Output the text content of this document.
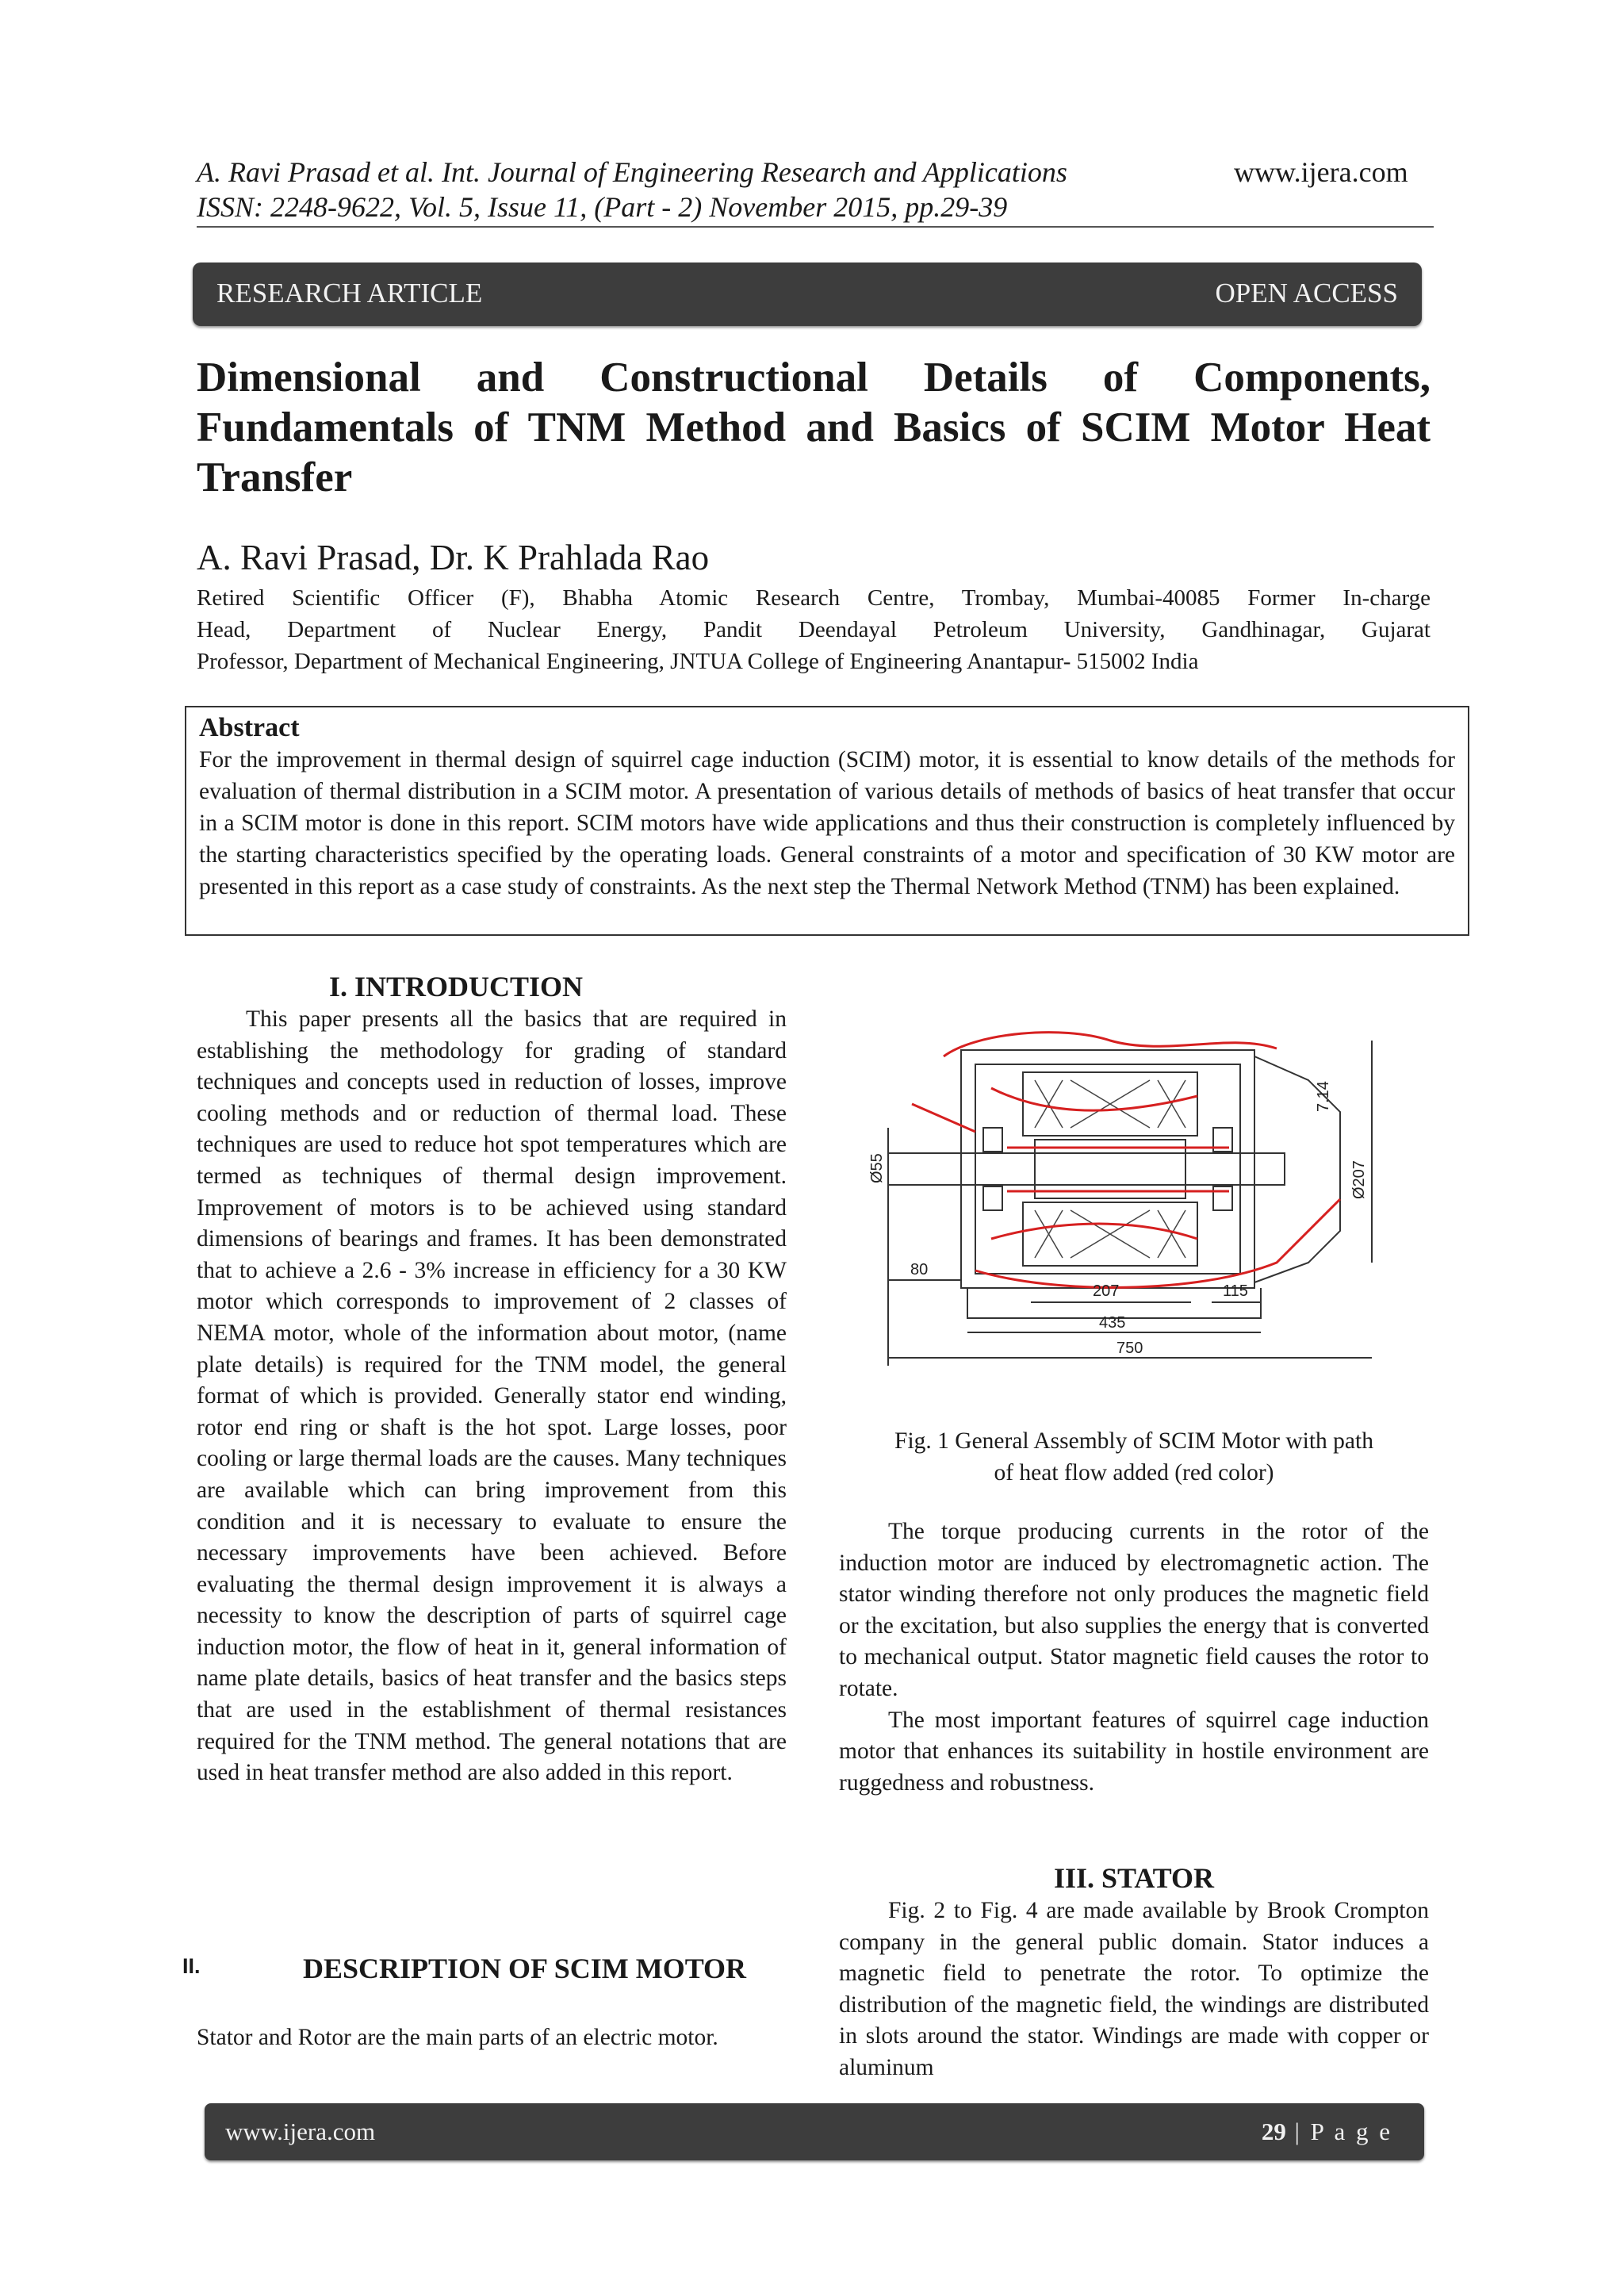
A. Ravi Prasad et al. Int. Journal of Engineering Research and Applications
ISSN: 2248-9622, Vol. 5, Issue 11, (Part - 2) November 2015, pp.29-39
www.ijera.com
RESEARCH ARTICLE	OPEN ACCESS
Dimensional and Constructional Details of Components, Fundamentals of TNM Method and Basics of SCIM Motor Heat Transfer
A. Ravi Prasad, Dr. K Prahlada Rao
Retired Scientific Officer (F), Bhabha Atomic Research Centre, Trombay, Mumbai-40085 Former In-charge
Head, Department of Nuclear Energy, Pandit Deendayal Petroleum University, Gandhinagar, Gujarat
Professor, Department of Mechanical Engineering, JNTUA College of Engineering Anantapur- 515002 India
Abstract
For the improvement in thermal design of squirrel cage induction (SCIM) motor, it is essential to know details of the methods for evaluation of thermal distribution in a SCIM motor. A presentation of various details of methods of basics of heat transfer that occur in a SCIM motor is done in this report. SCIM motors have wide applications and thus their construction is completely influenced by the starting characteristics specified by the operating loads. General constraints of a motor and specification of 30 KW motor are presented in this report as a case study of constraints. As the next step the Thermal Network Method (TNM) has been explained.
I. INTRODUCTION

This paper presents all the basics that are required in establishing the methodology for grading of standard techniques and concepts used in reduction of losses, improve cooling methods and or reduction of thermal load. These techniques are used to reduce hot spot temperatures which are termed as techniques of thermal design improvement. Improvement of motors is to be achieved using standard dimensions of bearings and frames. It has been demonstrated that to achieve a 2.6 - 3% increase in efficiency for a 30 KW motor which corresponds to improvement of 2 classes of NEMA motor, whole of the information about motor, (name plate details) is required for the TNM model, the general format of which is provided. Generally stator end winding, rotor end ring or shaft is the hot spot. Large losses, poor cooling or large thermal loads are the causes. Many techniques are available which can bring improvement from this condition and it is necessary to evaluate to ensure the necessary improvements have been achieved. Before evaluating the thermal design improvement it is always a necessity to know the description of parts of squirrel cage induction motor, the flow of heat in it, general information of name plate details, basics of heat transfer and the basics steps that are used in the establishment of thermal resistances required for the TNM method. The general notations that are used in heat transfer method are also added in this report.

II.	DESCRIPTION OF SCIM MOTOR
Stator and Rotor are the main parts of an electric motor.
80
207	115
435
750
7.14
Ø207
Ø55
Fig. 1 General Assembly of SCIM Motor with path
of heat flow added (red color)

The torque producing currents in the rotor of the induction motor are induced by electromagnetic action. The stator winding therefore not only produces the magnetic field or the excitation, but also supplies the energy that is converted to mechanical output. Stator magnetic field causes the rotor to rotate.

The most important features of squirrel cage induction motor that enhances its suitability in hostile environment are ruggedness and robustness.

III. STATOR

Fig. 2 to Fig. 4 are made available by Brook Crompton company in the general public domain. Stator induces a magnetic field to penetrate the rotor. To optimize the distribution of the magnetic field, the windings are distributed in slots around the stator. Windings are made with copper or aluminum

www.ijera.com	29 | P a g e
